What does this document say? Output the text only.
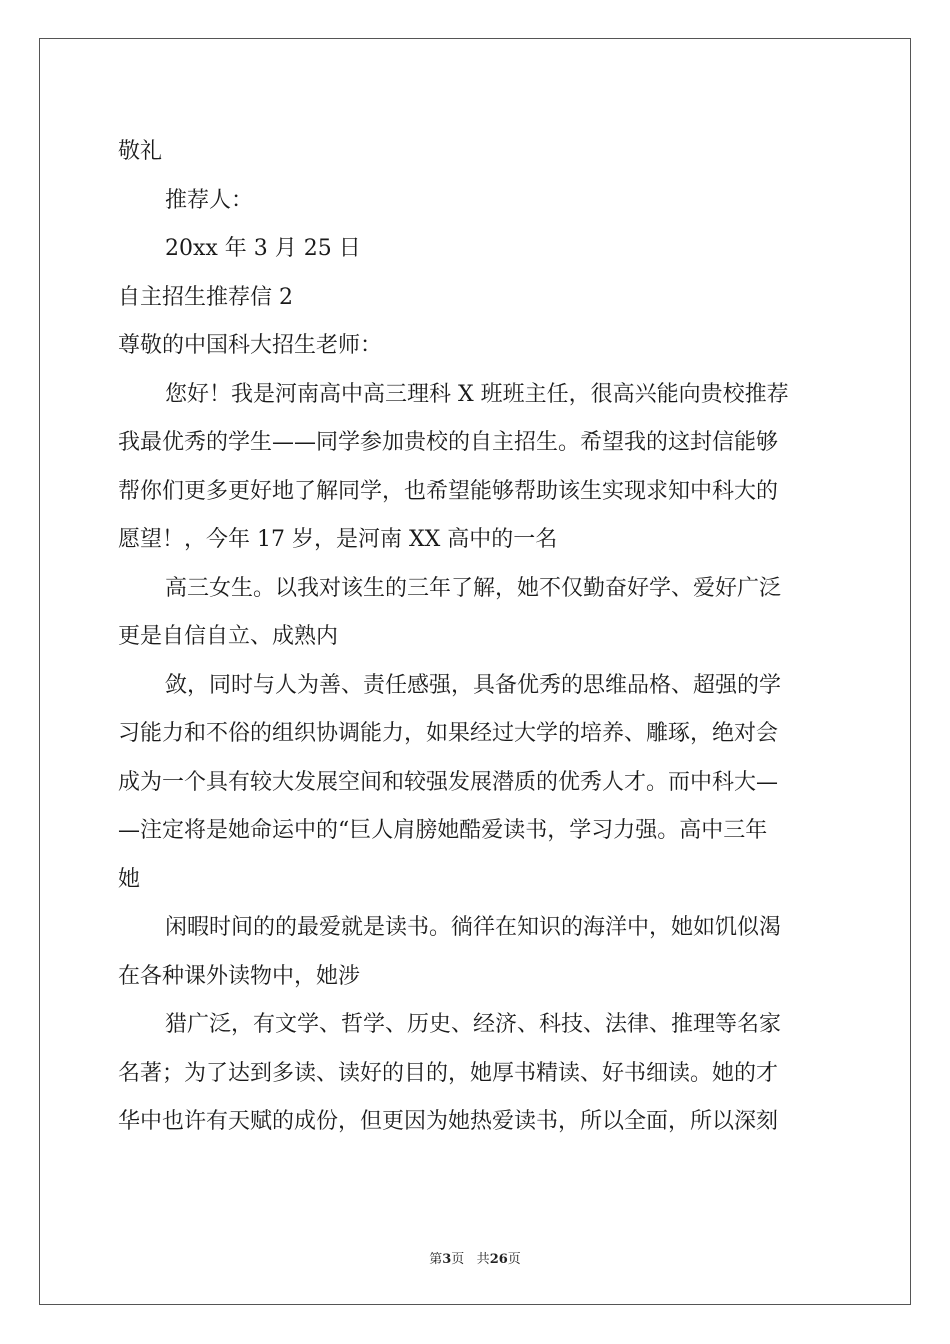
敬礼
推荐人：
20xx 年 3 月 25 日
自主招生推荐信 2
尊敬的中国科大招生老师：
您好！我是河南高中高三理科 X 班班主任，很高兴能向贵校推荐
我最优秀的学生——同学参加贵校的自主招生。希望我的这封信能够
帮你们更多更好地了解同学，也希望能够帮助该生实现求知中科大的
愿望！，今年 17 岁，是河南 XX 高中的一名
高三女生。以我对该生的三年了解，她不仅勤奋好学、爱好广泛
更是自信自立、成熟内
敛，同时与人为善、责任感强，具备优秀的思维品格、超强的学
习能力和不俗的组织协调能力，如果经过大学的培养、雕琢，绝对会
成为一个具有较大发展空间和较强发展潜质的优秀人才。而中科大—
—注定将是她命运中的“巨人肩膀她酷爱读书，学习力强。高中三年
她
闲暇时间的的最爱就是读书。徜徉在知识的海洋中，她如饥似渴
在各种课外读物中，她涉
猎广泛，有文学、哲学、历史、经济、科技、法律、推理等名家
名著；为了达到多读、读好的目的，她厚书精读、好书细读。她的才
华中也许有天赋的成份，但更因为她热爱读书，所以全面，所以深刻
第3页 共26页
